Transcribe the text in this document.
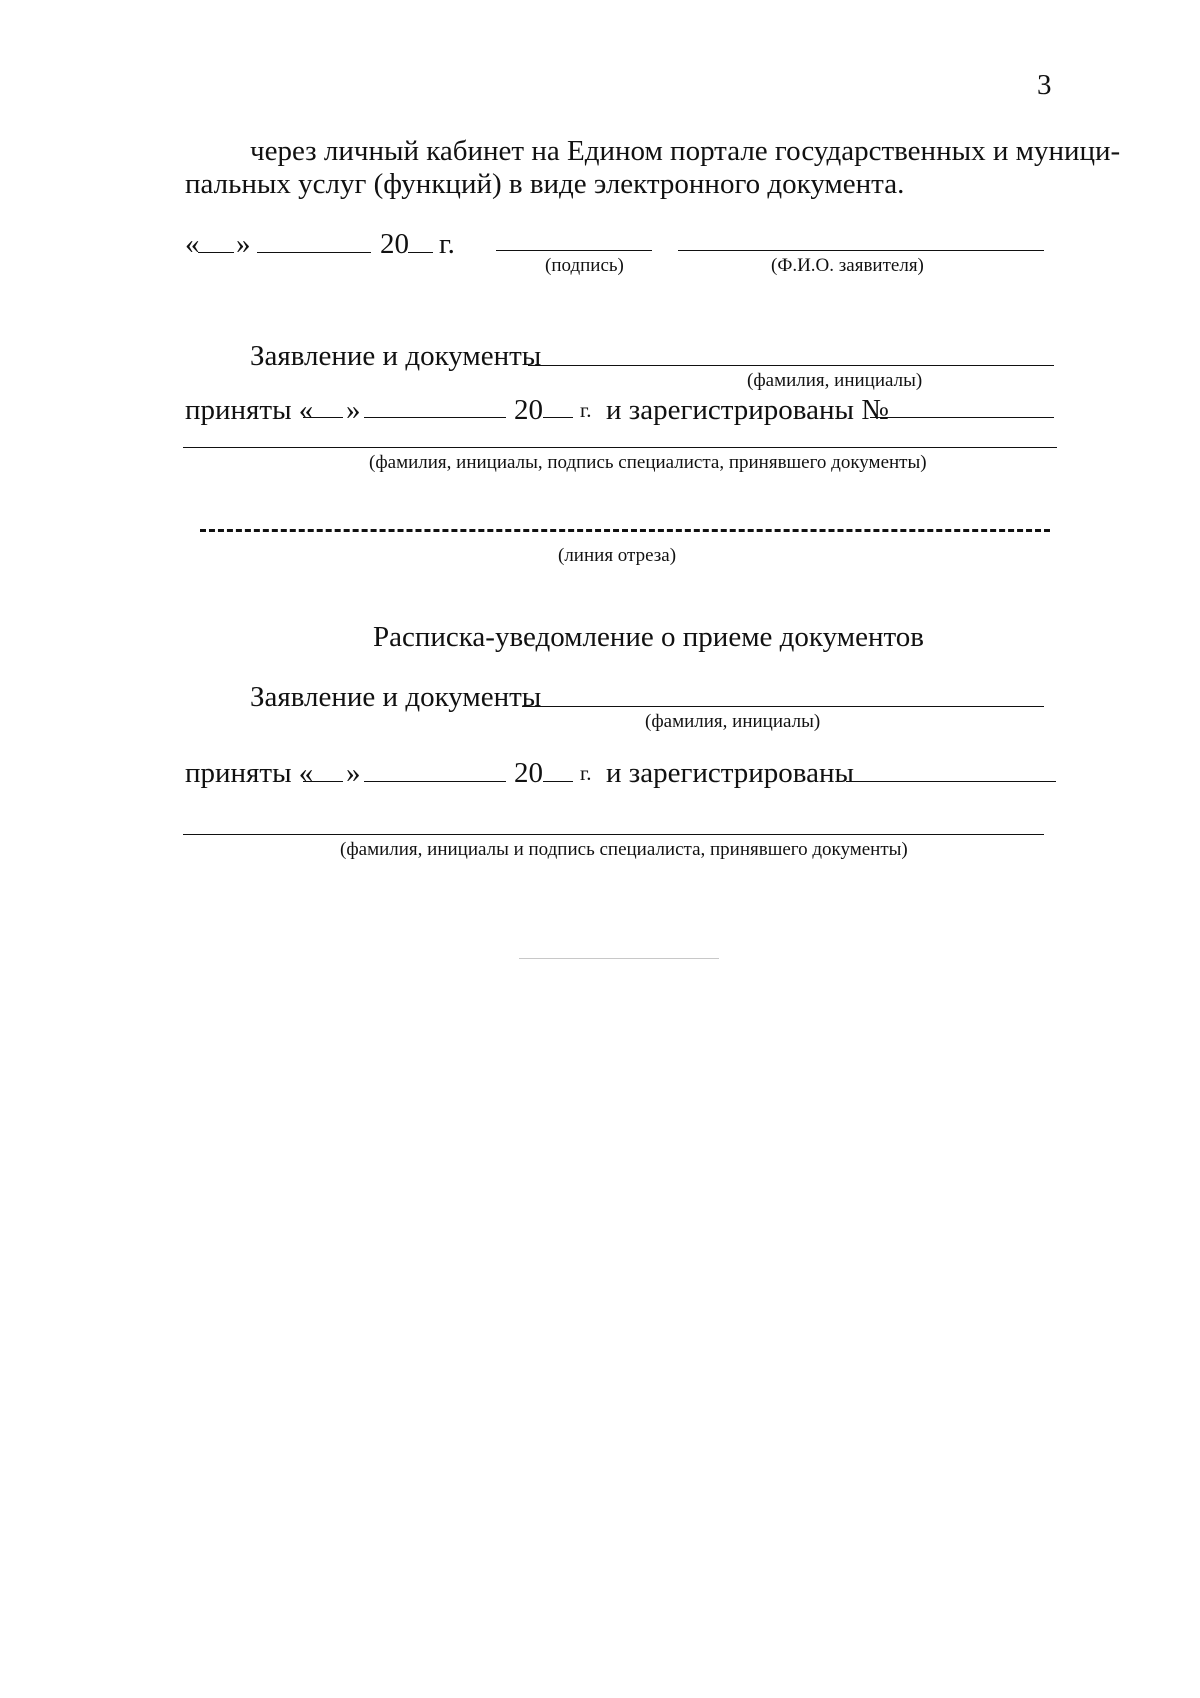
3
через личный кабинет на Едином портале государственных и муници-
пальных услуг (функций) в виде электронного документа.
« »	20 г.
(подпись)	(Ф.И.О. заявителя)
Заявление и документы
(фамилия, инициалы)
приняты « »	20 г. и зарегистрированы №
(фамилия, инициалы, подпись специалиста, принявшего документы)
(линия отреза)
Расписка-уведомление о приеме документов
Заявление и документы
(фамилия, инициалы)
приняты « »	20 г. и зарегистрированы
(фамилия, инициалы и подпись специалиста, принявшего документы)
